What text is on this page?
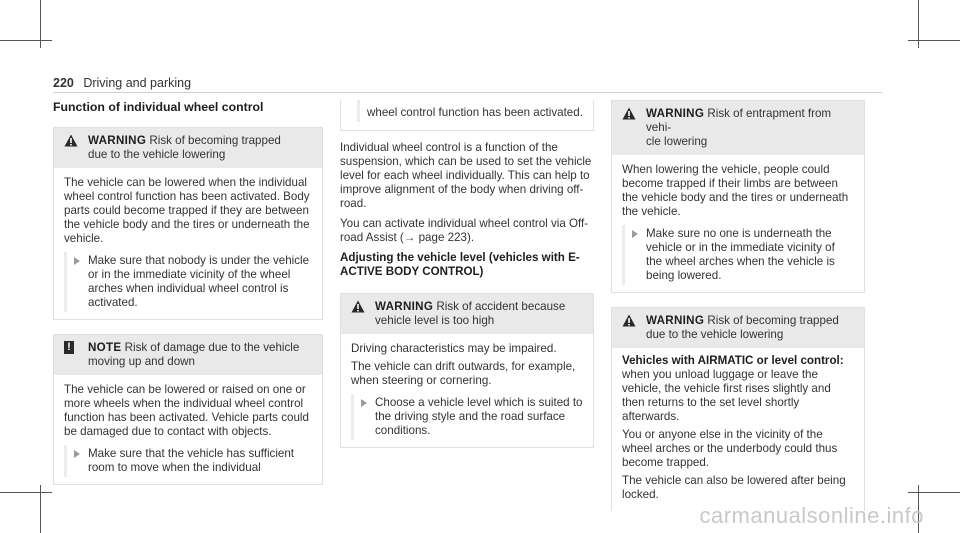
220 Driving and parking
Function of individual wheel control
WARNING Risk of becoming trapped
due to the vehicle lowering
The vehicle can be lowered when the individual wheel control function has been activated. Body parts could become trapped if they are between the vehicle body and the tires or underneath the vehicle.
Make sure that nobody is under the vehicle or in the immediate vicinity of the wheel arches when individual wheel control is activated.
!	NOTE Risk of damage due to the vehicle
moving up and down
The vehicle can be lowered or raised on one or more wheels when the individual wheel control function has been activated. Vehicle parts could be damaged due to contact with objects.
Make sure that the vehicle has sufficient room to move when the individual
wheel control function has been activated.
Individual wheel control is a function of the suspension, which can be used to set the vehicle level for each wheel individually. This can help to improve alignment of the body when driving off-road.
You can activate individual wheel control via Off-road Assist (→ page 223).
Adjusting the vehicle level (vehicles with E-ACTIVE BODY CONTROL)
WARNING Risk of accident because
vehicle level is too high
Driving characteristics may be impaired.
The vehicle can drift outwards, for example, when steering or cornering.
Choose a vehicle level which is suited to the driving style and the road surface conditions.
WARNING Risk of entrapment from vehi-
cle lowering
When lowering the vehicle, people could become trapped if their limbs are between the vehicle body and the tires or underneath the vehicle.
Make sure no one is underneath the vehicle or in the immediate vicinity of the wheel arches when the vehicle is being lowered.
WARNING Risk of becoming trapped
due to the vehicle lowering
Vehicles with AIRMATIC or level control:
when you unload luggage or leave the vehicle, the vehicle first rises slightly and then returns to the set level shortly afterwards.
You or anyone else in the vicinity of the wheel arches or the underbody could thus become trapped.
The vehicle can also be lowered after being locked.
carmanualsonline.info
